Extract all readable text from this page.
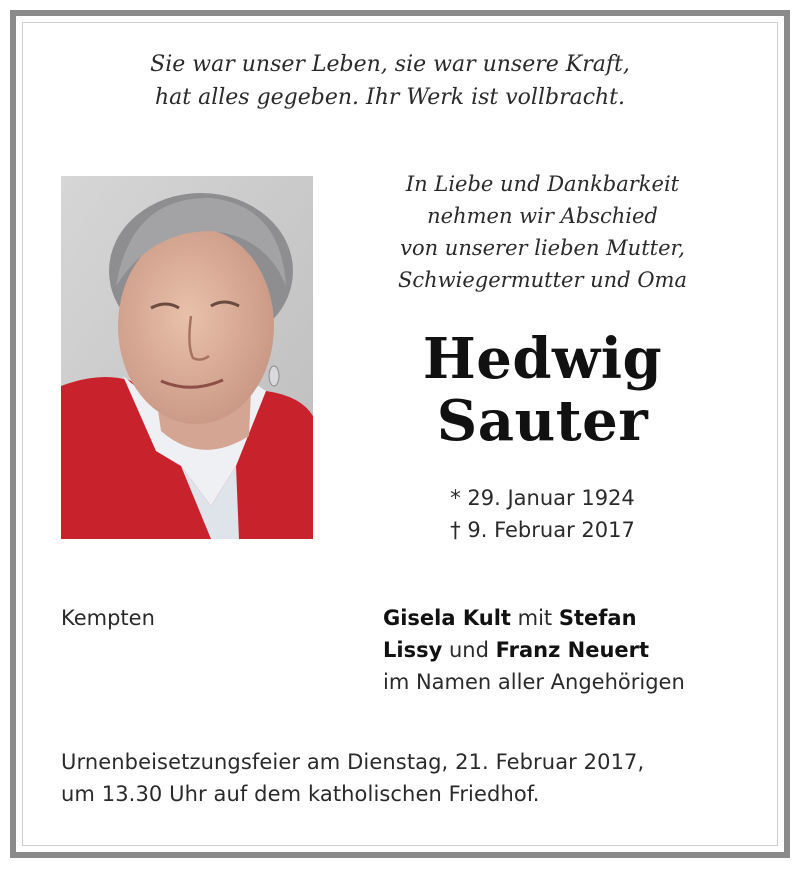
Sie war unser Leben, sie war unsere Kraft,
hat alles gegeben. Ihr Werk ist vollbracht.
In Liebe und Dankbarkeit
nehmen wir Abschied
von unserer lieben Mutter,
Schwiegermutter und Oma
Hedwig
Sauter
* 29. Januar 1924
† 9. Februar 2017
Kempten	Gisela Kult mit Stefan
Lissy und Franz Neuert
im Namen aller Angehörigen
Urnenbeisetzungsfeier am Dienstag, 21. Februar 2017,
um 13.30 Uhr auf dem katholischen Friedhof.
